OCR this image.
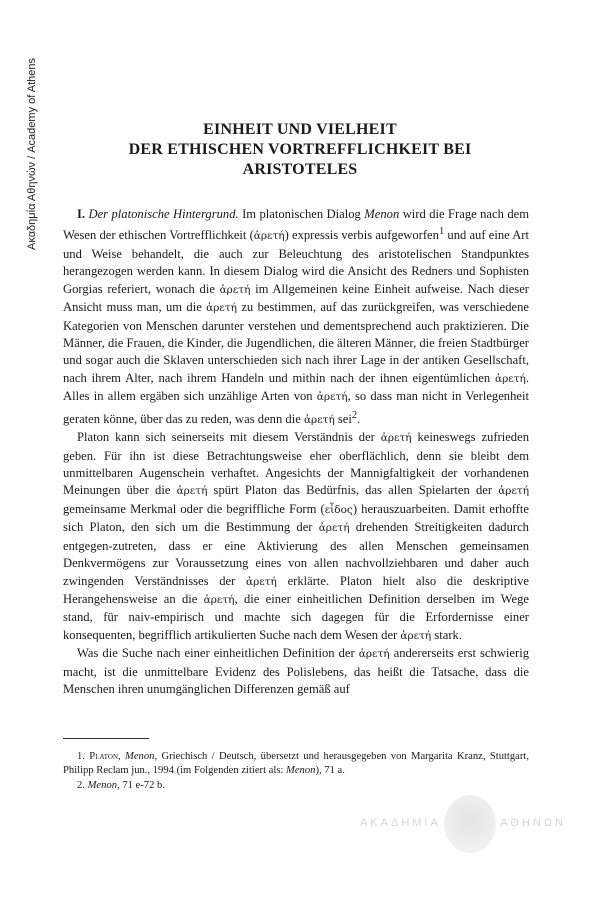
Ακαδημία Αθηνών / Academy of Athens	EINHEIT UND VIELHEIT
DER ETHISCHEN VORTREFFLICHKEIT BEI
ARISTOTELES

I. Der platonische Hintergrund. Im platonischen Dialog Menon wird die Frage nach dem Wesen der ethischen Vortrefflichkeit (ἀρετή) expressis verbis aufgeworfen$^1$ und auf eine Art und Weise behandelt, die auch zur Beleuchtung des aristotelischen Standpunktes herangezogen werden kann. In diesem Dialog wird die Ansicht des Redners und Sophisten Gorgias referiert, wonach die ἀρετή im Allgemeinen keine Einheit aufweise. Nach dieser Ansicht muss man, um die ἀρετή zu bestimmen, auf das zurückgreifen, was verschiedene Kategorien von Menschen darunter verstehen und dementsprechend auch praktizieren. Die Männer, die Frauen, die Kinder, die Jugendlichen, die älteren Männer, die freien Stadtbürger und sogar auch die Sklaven unterschieden sich nach ihrer Lage in der antiken Gesellschaft, nach ihrem Alter, nach ihrem Handeln und mithin nach der ihnen eigentümlichen ἀρετή. Alles in allem ergäben sich unzählige Arten von ἀρετή, so dass man nicht in Verlegenheit geraten könne, über das zu reden, was denn die ἀρετή sei$^2$.

Platon kann sich seinerseits mit diesem Verständnis der ἀρετή keineswegs zufrieden geben. Für ihn ist diese Betrachtungsweise eher oberflächlich, denn sie bleibt dem unmittelbaren Augenschein verhaftet. Angesichts der Mannigfaltigkeit der vorhandenen Meinungen über die ἀρετή spürt Platon das Bedürfnis, das allen Spielarten der ἀρετή gemeinsame Merkmal oder die begriffliche Form (εἶδος) herauszuarbeiten. Damit erhoffte sich Platon, den sich um die Bestimmung der ἀρετή drehenden Streitigkeiten dadurch entgegen-zutreten, dass er eine Aktivierung des allen Menschen gemeinsamen Denkvermögens zur Voraussetzung eines von allen nachvollziehbaren und daher auch zwingenden Verständnisses der ἀρετή erklärte. Platon hielt also die deskriptive Herangehensweise an die ἀρετή, die einer einheitlichen Definition derselben im Wege stand, für naiv-empirisch und machte sich dagegen für die Erfordernisse einer konsequenten, begrifflich artikulierten Suche nach dem Wesen der ἀρετή stark.

Was die Suche nach einer einheitlichen Definition der ἀρετή andererseits erst schwierig macht, ist die unmittelbare Evidenz des Polislebens, das heißt die Tatsache, dass die Menschen ihren unumgänglichen Differenzen gemäß auf

1. Platon, Menon, Griechisch / Deutsch, übersetzt und herausgegeben von Margarita Kranz, Stuttgart, Philipp Reclam jun., 1994 (im Folgenden zitiert als: Menon), 71 a.

2. Menon, 71 e-72 b.

ΑΚΑΔΗΜΙΑ	ΑΘΗΝΩΝ
